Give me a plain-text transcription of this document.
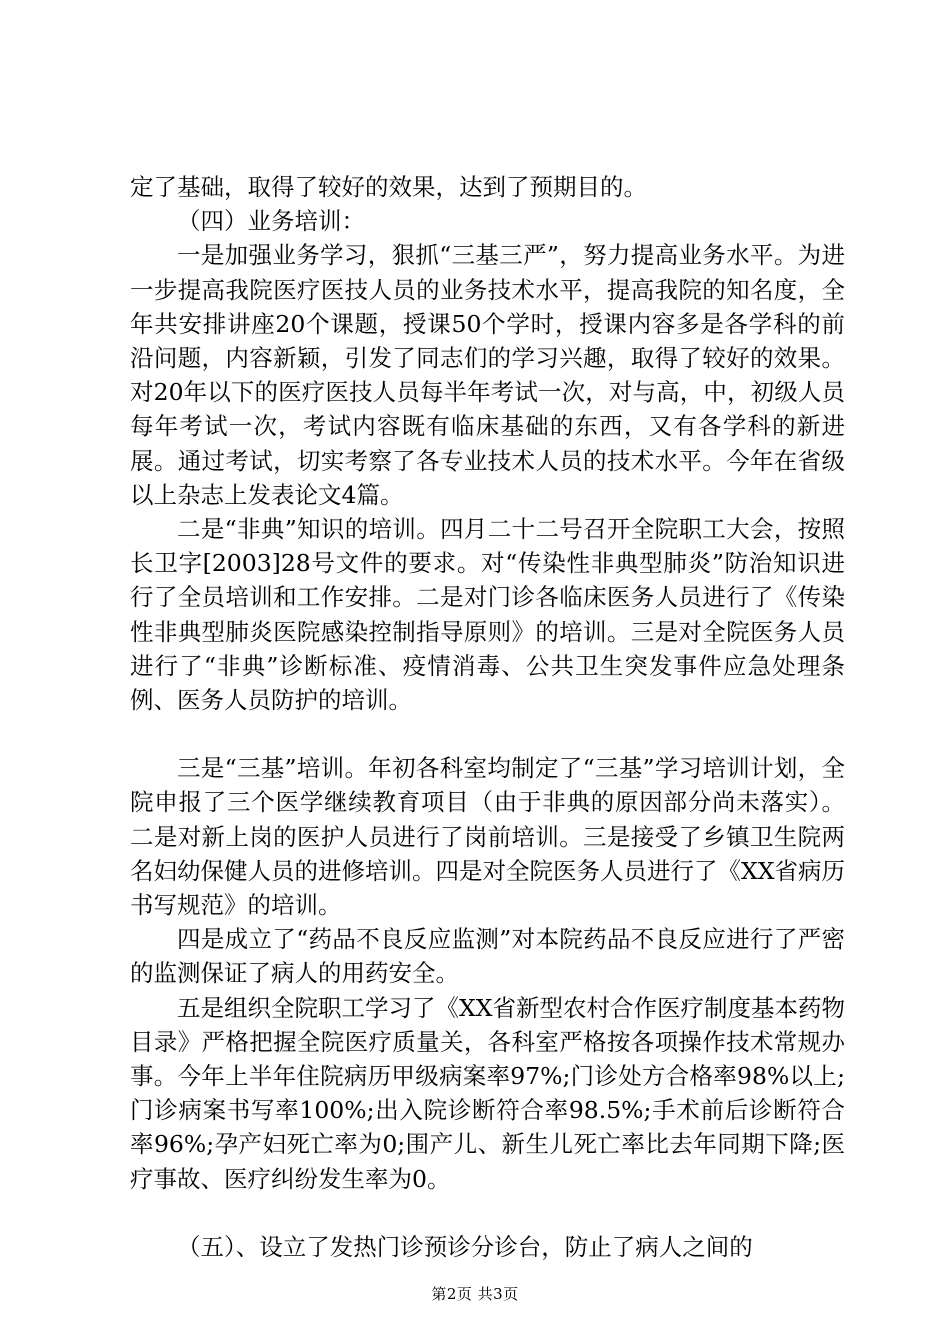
定了基础，取得了较好的效果，达到了预期目的。

（四）业务培训：

一是加强业务学习，狠抓“三基三严”，努力提高业务水平。为进一步提高我院医疗医技人员的业务技术水平，提高我院的知名度，全年共安排讲座20个课题，授课50个学时，授课内容多是各学科的前沿问题，内容新颖，引发了同志们的学习兴趣，取得了较好的效果。对20年以下的医疗医技人员每半年考试一次，对与高，中，初级人员每年考试一次，考试内容既有临床基础的东西，又有各学科的新进展。通过考试，切实考察了各专业技术人员的技术水平。今年在省级以上杂志上发表论文4篇。

二是“非典”知识的培训。四月二十二号召开全院职工大会，按照长卫字[2003]28号文件的要求。对“传染性非典型肺炎”防治知识进行了全员培训和工作安排。二是对门诊各临床医务人员进行了《传染性非典型肺炎医院感染控制指导原则》的培训。三是对全院医务人员进行了“非典”诊断标准、疫情消毒、公共卫生突发事件应急处理条例、医务人员防护的培训。

三是“三基”培训。年初各科室均制定了“三基”学习培训计划，全院申报了三个医学继续教育项目（由于非典的原因部分尚未落实）。二是对新上岗的医护人员进行了岗前培训。三是接受了乡镇卫生院两名妇幼保健人员的进修培训。四是对全院医务人员进行了《XX省病历书写规范》的培训。

四是成立了“药品不良反应监测”对本院药品不良反应进行了严密的监测保证了病人的用药安全。

五是组织全院职工学习了《XX省新型农村合作医疗制度基本药物目录》严格把握全院医疗质量关，各科室严格按各项操作技术常规办事。今年上半年住院病历甲级病案率97%;门诊处方合格率98%以上;门诊病案书写率100%;出入院诊断符合率98.5%;手术前后诊断符合率96%;孕产妇死亡率为0;围产儿、新生儿死亡率比去年同期下降;医疗事故、医疗纠纷发生率为0。

（五）、设立了发热门诊预诊分诊台，防止了病人之间的

第2页 共3页
